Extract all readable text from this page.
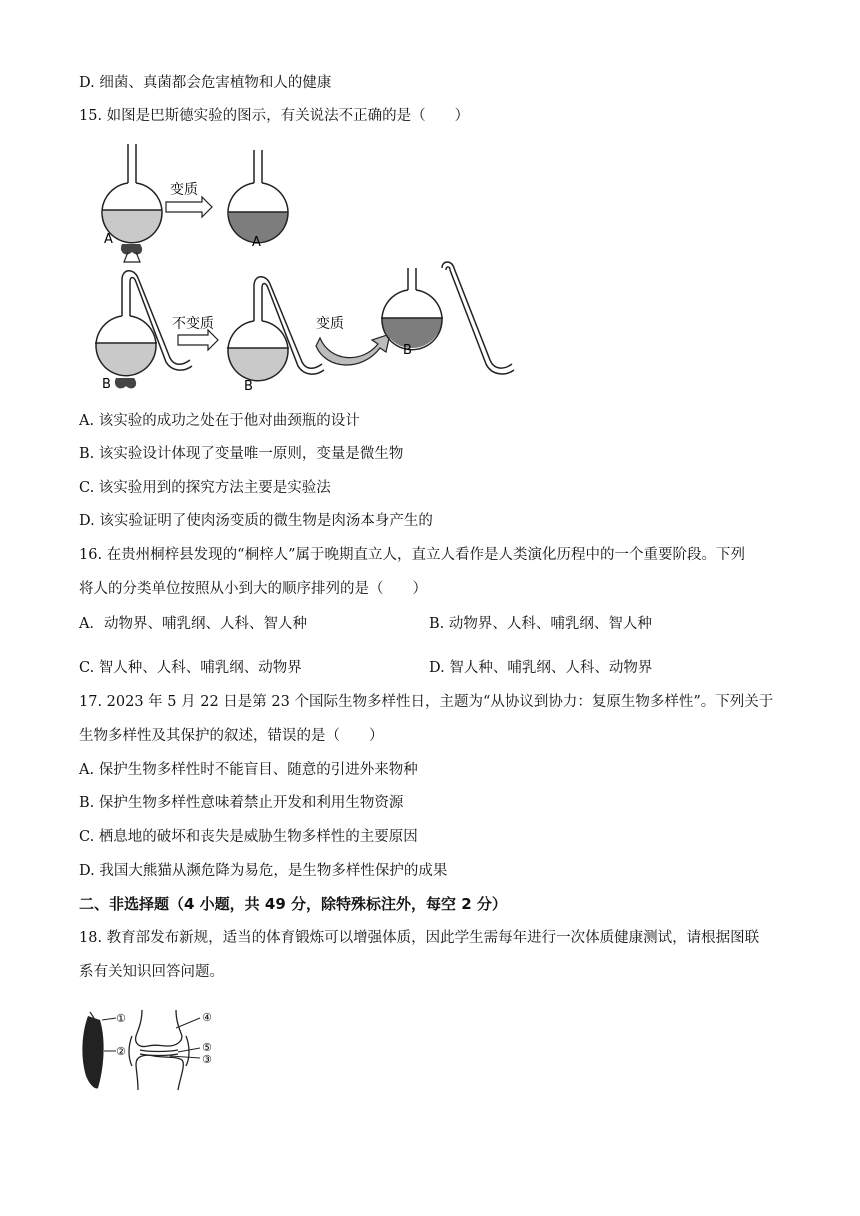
D. 细菌、真菌都会危害植物和人的健康
15. 如图是巴斯德实验的图示，有关说法不正确的是（　　）
A
变质
A
B
不变质
B
变质
B
A. 该实验的成功之处在于他对曲颈瓶的设计
B. 该实验设计体现了变量唯一原则，变量是微生物
C. 该实验用到的探究方法主要是实验法
D. 该实验证明了使肉汤变质的微生物是肉汤本身产生的
16. 在贵州桐梓县发现的“桐梓人”属于晚期直立人，直立人看作是人类演化历程中的一个重要阶段。下列
将人的分类单位按照从小到大的顺序排列的是（　　）
A．动物界、哺乳纲、人科、智人种	B. 动物界、人科、哺乳纲、智人种
C. 智人种、人科、哺乳纲、动物界	D. 智人种、哺乳纲、人科、动物界
17. 2023 年 5 月 22 日是第 23 个国际生物多样性日，主题为“从协议到协力：复原生物多样性”。下列关于
生物多样性及其保护的叙述，错误的是（　　）
A. 保护生物多样性时不能盲目、随意的引进外来物种
B. 保护生物多样性意味着禁止开发和利用生物资源
C. 栖息地的破坏和丧失是威胁生物多样性的主要原因
D. 我国大熊猫从濒危降为易危，是生物多样性保护的成果
二、非选择题（4 小题，共 49 分，除特殊标注外，每空 2 分）
18. 教育部发布新规，适当的体育锻炼可以增强体质，因此学生需每年进行一次体质健康测试，请根据图联
系有关知识回答问题。
①
②
④
⑤
③
